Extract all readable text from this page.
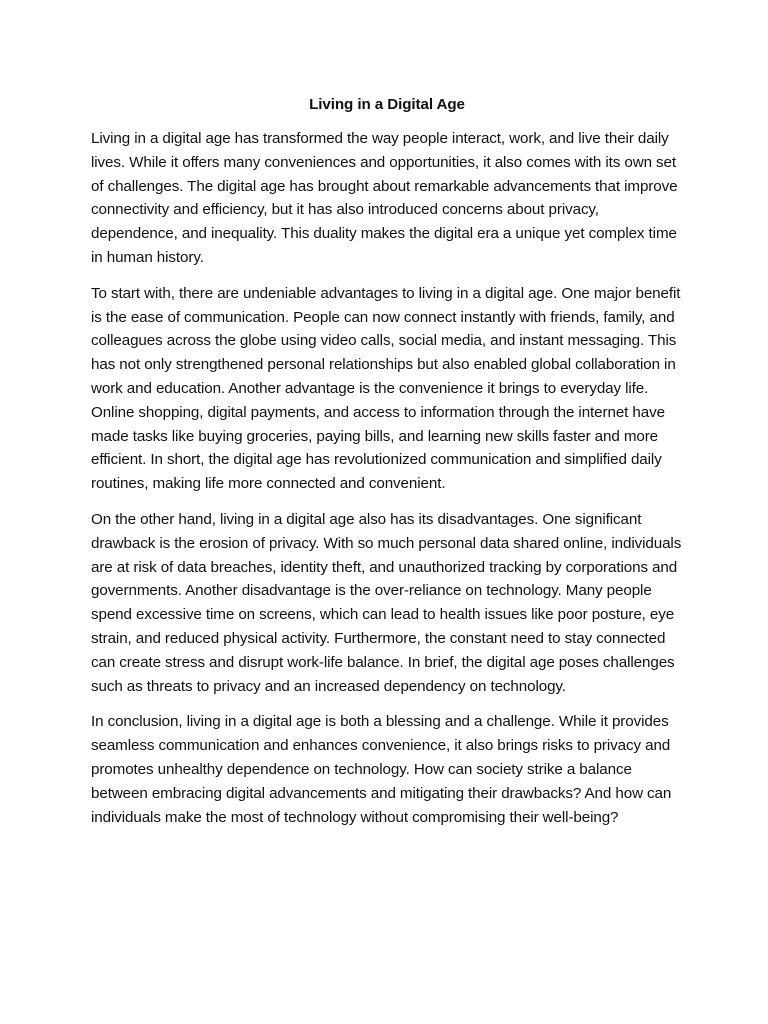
Living in a Digital Age

Living in a digital age has transformed the way people interact, work, and live their daily lives. While it offers many conveniences and opportunities, it also comes with its own set of challenges. The digital age has brought about remarkable advancements that improve connectivity and efficiency, but it has also introduced concerns about privacy, dependence, and inequality. This duality makes the digital era a unique yet complex time in human history.

To start with, there are undeniable advantages to living in a digital age. One major benefit is the ease of communication. People can now connect instantly with friends, family, and colleagues across the globe using video calls, social media, and instant messaging. This has not only strengthened personal relationships but also enabled global collaboration in work and education. Another advantage is the convenience it brings to everyday life. Online shopping, digital payments, and access to information through the internet have made tasks like buying groceries, paying bills, and learning new skills faster and more efficient. In short, the digital age has revolutionized communication and simplified daily routines, making life more connected and convenient.

On the other hand, living in a digital age also has its disadvantages. One significant drawback is the erosion of privacy. With so much personal data shared online, individuals are at risk of data breaches, identity theft, and unauthorized tracking by corporations and governments. Another disadvantage is the over-reliance on technology. Many people spend excessive time on screens, which can lead to health issues like poor posture, eye strain, and reduced physical activity. Furthermore, the constant need to stay connected can create stress and disrupt work-life balance. In brief, the digital age poses challenges such as threats to privacy and an increased dependency on technology.

In conclusion, living in a digital age is both a blessing and a challenge. While it provides seamless communication and enhances convenience, it also brings risks to privacy and promotes unhealthy dependence on technology. How can society strike a balance between embracing digital advancements and mitigating their drawbacks? And how can individuals make the most of technology without compromising their well-being?
